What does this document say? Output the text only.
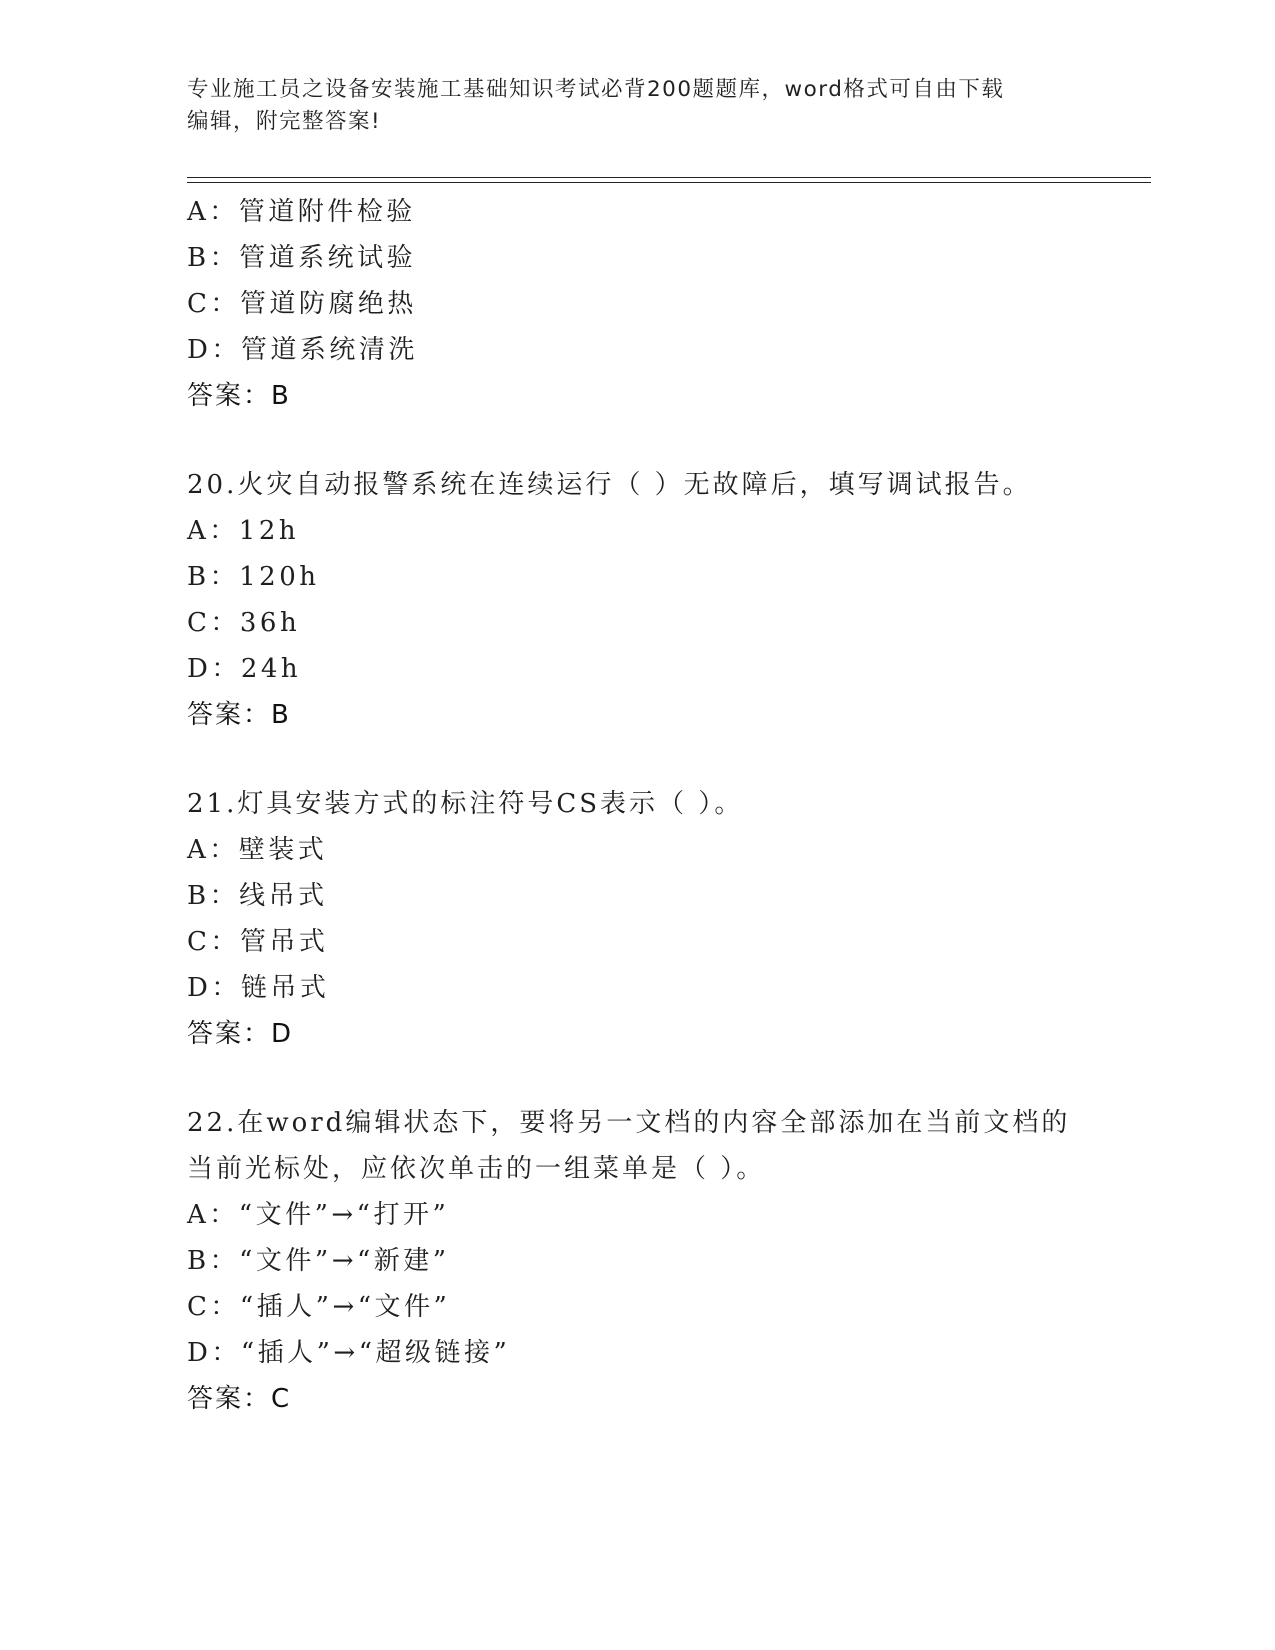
专业施工员之设备安装施工基础知识考试必背200题题库，word格式可自由下载
编辑，附完整答案!
A：管道附件检验
B：管道系统试验
C：管道防腐绝热
D：管道系统清洗
答案：B
20.火灾自动报警系统在连续运行（ ）无故障后，填写调试报告。
A：12h
B：120h
C：36h
D：24h
答案：B
21.灯具安装方式的标注符号CS表示（ ）。
A：壁装式
B：线吊式
C：管吊式
D：链吊式
答案：D
22.在word编辑状态下，要将另一文档的内容全部添加在当前文档的
当前光标处，应依次单击的一组菜单是（ ）。
A：“文件”→“打开”
B：“文件”→“新建”
C：“插人”→“文件”
D：“插人”→“超级链接”
答案：C
